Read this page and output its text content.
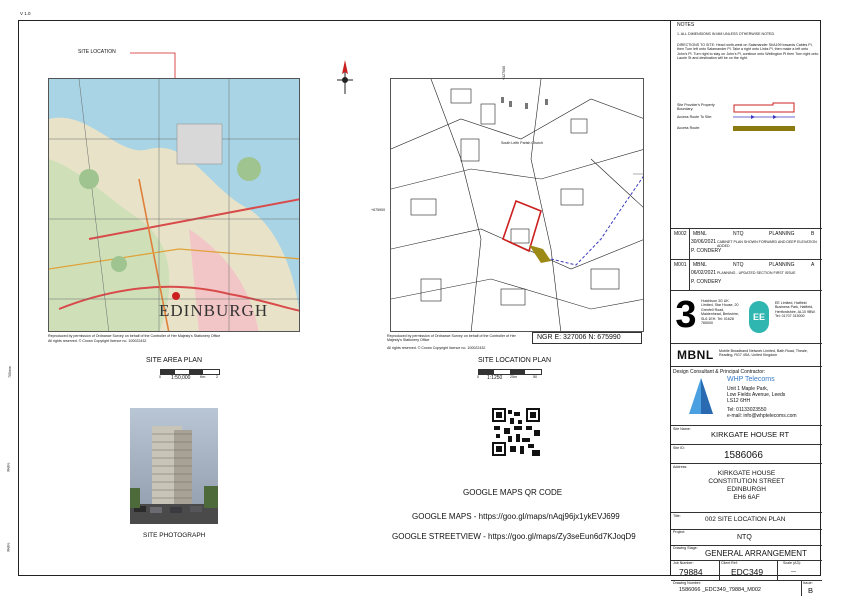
V 1.0
700mm
Metre
Metre
SITE LOCATION
EDINBURGH
Reproduced by permission of Ordnance Survey on behalf of the Controller of Her Majesty's Stationery Office
All rights reserved. © Crown Copyright licence no. 100022432
SITE AREA PLAN
0 1:50,000	Km	2
SITE PHOTOGRAPH
South Leith Parish Church
+675900
+327000
Reproduced by permission of Ordnance Survey on behalf of the Controller of Her Majesty's Stationery Office
All rights reserved. © Crown Copyright licence no. 100022432
NGR E: 327006 N: 675990
SITE LOCATION PLAN
0 1:1250 25m	50
GOOGLE MAPS QR CODE
GOOGLE MAPS - https://goo.gl/maps/nAqj96jx1ykEVJ699
GOOGLE STREETVIEW - https://goo.gl/maps/Zy3seEun6d7KJoqD9
NOTES
1. ALL DIMENSIONS IN MM UNLESS OTHERWISE NOTED.
DIRECTIONS TO SITE: Head north-west on Salamander St/A199 towards Cables Pl, then Turn left onto Salamander Pl. Take a right onto Links Pl, then make a left onto John's Pl. Turn right to stay on John's Pl, continue onto Wellington Pl then Turn right onto Laurie St and destination will be on the right.
Site Provider's Property Boundary:
Access Route To Site:
Access Route:
M002 MBNL	NTQ	PLANNING	B
30/06/2021 CABINET PLAN SHOWN FORWARD AND DEEP ELEVATION ADDED
P. CONDERY
M001 MBNL	NTQ	PLANNING	A
06/02/2021 PLANNING - UPDATED SECTION FIRST ISSUE
P. CONDERY
3	Hutchison 3G UK Limited, Star House, 20 Grenfell Road, Maidenhead, Berkshire, SL6 1EH. Tel: 01628 765000
EE
EE Limited, Hatfield Business Park, Hatfield, Hertfordshire, AL10 9BW. Tel: 01707 315000
MBNL Mobile Broadband Network Limited, Bath Road, Theale, Reading, RG7 4SA. United Kingdom
Design Consultant & Principal Contractor:
WHP Telecoms
Unit 1 Maple Park,
Low Fields Avenue, Leeds
LS12 6HH
Tel: 01133023550
e-mail: info@whptelecoms.com
Site Name:
KIRKGATE HOUSE RT
Site ID:
1586066
Address:
KIRKGATE HOUSE
CONSTITUTION STREET
EDINBURGH
EH6 6AF
Title:	002 SITE LOCATION PLAN
Project:
NTQ
Drawing Stage:
GENERAL ARRANGEMENT
Job Number:
79884
Client Ref:
EDC349
Scale (A3):
—
Drawing Number:
1586066 _EDC349_79884_M002
Issue:
B
